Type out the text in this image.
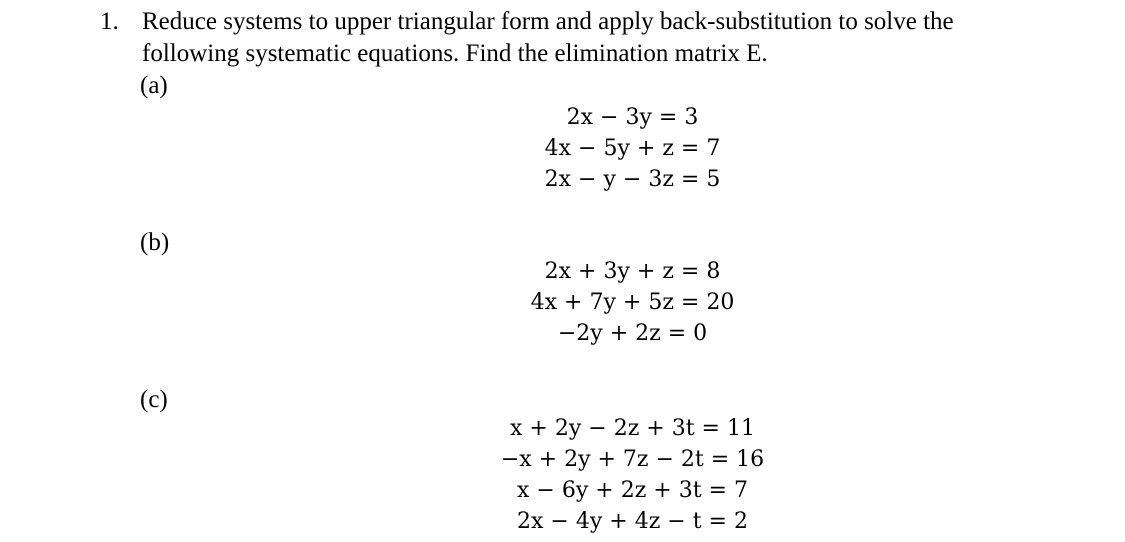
1. Reduce systems to upper triangular form and apply back-substitution to solve the
following systematic equations. Find the elimination matrix E.
(a)
2x − 3y = 3
4x − 5y + z = 7
2x − y − 3z = 5
(b)
2x + 3y + z = 8
4x + 7y + 5z = 20
−2y + 2z = 0
(c)
x + 2y − 2z + 3t = 11
−x + 2y + 7z − 2t = 16
x − 6y + 2z + 3t = 7
2x − 4y + 4z − t = 2
